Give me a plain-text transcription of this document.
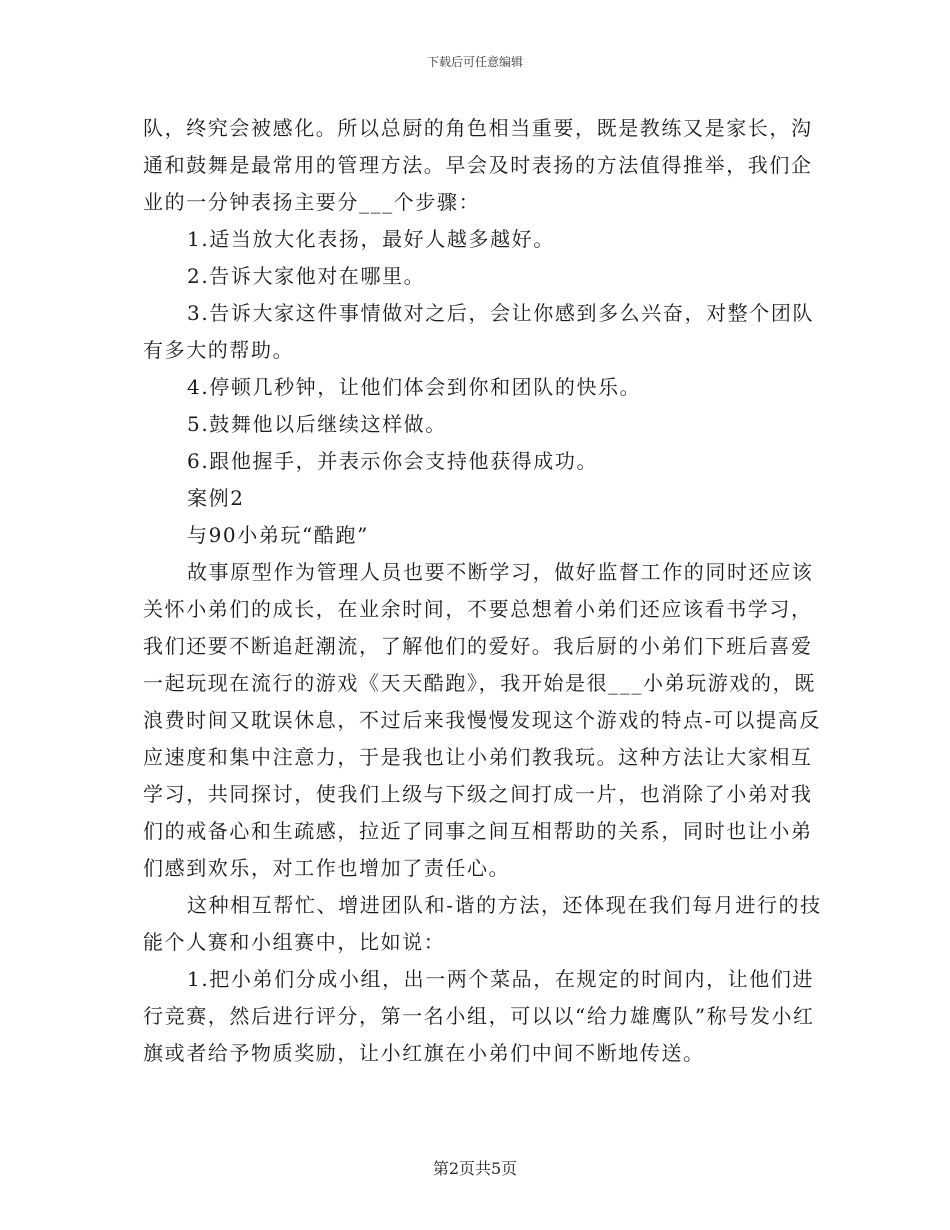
下载后可任意编辑

队，终究会被感化。所以总厨的角色相当重要，既是教练又是家长，沟通和鼓舞是最常用的管理方法。早会及时表扬的方法值得推举，我们企业的一分钟表扬主要分___个步骤：

1.适当放大化表扬，最好人越多越好。

2.告诉大家他对在哪里。

3.告诉大家这件事情做对之后，会让你感到多么兴奋，对整个团队有多大的帮助。

4.停顿几秒钟，让他们体会到你和团队的快乐。

5.鼓舞他以后继续这样做。

6.跟他握手，并表示你会支持他获得成功。

案例2

与90小弟玩“酷跑”

故事原型作为管理人员也要不断学习，做好监督工作的同时还应该关怀小弟们的成长，在业余时间，不要总想着小弟们还应该看书学习，我们还要不断追赶潮流，了解他们的爱好。我后厨的小弟们下班后喜爱一起玩现在流行的游戏《天天酷跑》，我开始是很___小弟玩游戏的，既浪费时间又耽误休息，不过后来我慢慢发现这个游戏的特点-可以提高反应速度和集中注意力，于是我也让小弟们教我玩。这种方法让大家相互学习，共同探讨，使我们上级与下级之间打成一片，也消除了小弟对我们的戒备心和生疏感，拉近了同事之间互相帮助的关系，同时也让小弟们感到欢乐，对工作也增加了责任心。

这种相互帮忙、增进团队和-谐的方法，还体现在我们每月进行的技能个人赛和小组赛中，比如说：

1.把小弟们分成小组，出一两个菜品，在规定的时间内，让他们进行竞赛，然后进行评分，第一名小组，可以以“给力雄鹰队”称号发小红旗或者给予物质奖励，让小红旗在小弟们中间不断地传送。

第2页共5页
